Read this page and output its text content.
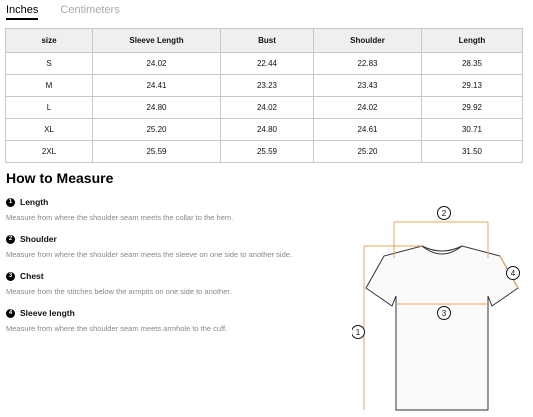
Inches Centimeters
size	Sleeve Length	Bust	Shoulder	Length
S	24.02	22.44	22.83	28.35
M	24.41	23.23	23.43	29.13
L	24.80	24.02	24.02	29.92
XL	25.20	24.80	24.61	30.71
2XL	25.59	25.59	25.20	31.50
How to Measure
1 Length
Measure from where the shoulder seam meets the collar to the hem.
2 Shoulder
Measure from where the shoulder seam meets the sleeve on one side to another side.
3 Chest
Measure from the stitches below the armpits on one side to another.
4 Sleeve length
Measure from where the shoulder seam meets armhole to the cuff.
2
4
3
1
